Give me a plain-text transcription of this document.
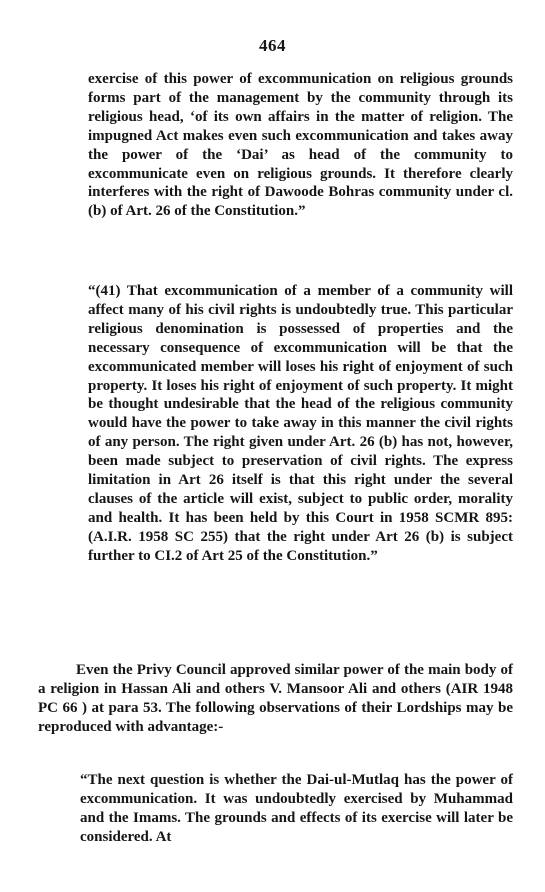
464

exercise of this power of excommunication on religious grounds forms part of the management by the community through its religious head, ‘of its own affairs in the matter of religion. The impugned Act makes even such excommunication and takes away the power of the ‘Dai’ as head of the community to excommunicate even on religious grounds. It therefore clearly interferes with the right of Dawoode Bohras community under cl. (b) of Art. 26 of the Constitution.”

“(41) That excommunication of a member of a community will affect many of his civil rights is undoubtedly true. This particular religious denomination is possessed of properties and the necessary consequence of excommunication will be that the excommunicated member will loses his right of enjoyment of such property. It loses his right of enjoyment of such property. It might be thought undesirable that the head of the religious community would have the power to take away in this manner the civil rights of any person. The right given under Art. 26 (b) has not, however, been made subject to preservation of civil rights. The express limitation in Art 26 itself is that this right under the several clauses of the article will exist, subject to public order, morality and health. It has been held by this Court in 1958 SCMR 895: (A.I.R. 1958 SC 255) that the right under Art 26 (b) is subject further to CI.2 of Art 25 of the Constitution.”

Even the Privy Council approved similar power of the main body of a religion in Hassan Ali and others V. Mansoor Ali and others (AIR 1948 PC 66 ) at para 53. The following observations of their Lordships may be reproduced with advantage:-

“The next question is whether the Dai-ul-Mutlaq has the power of excommunication. It was undoubtedly exercised by Muhammad and the Imams. The grounds and effects of its exercise will later be considered. At
